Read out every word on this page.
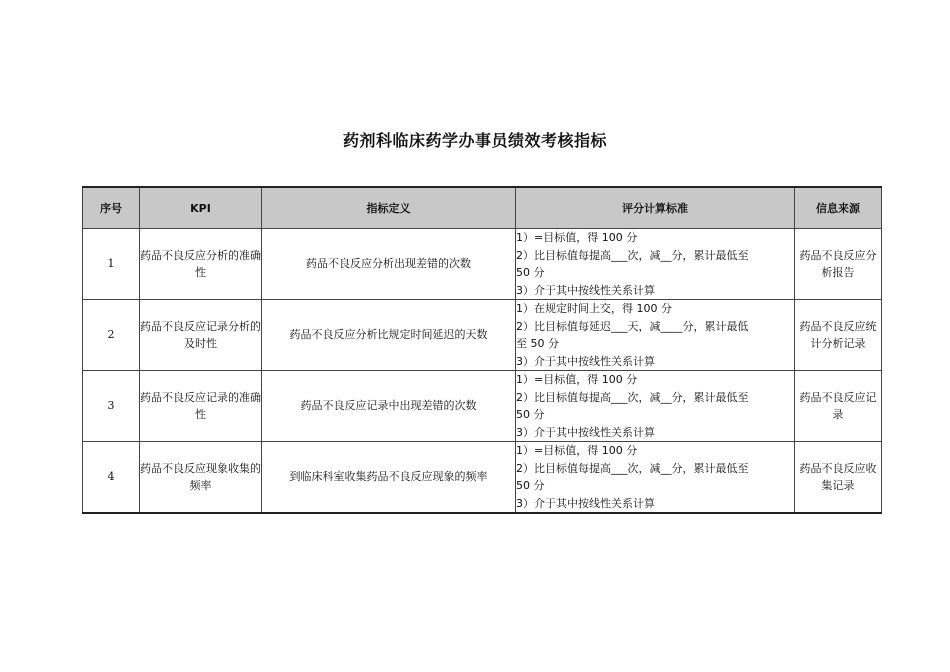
药剂科临床药学办事员绩效考核指标
序号	KPI	指标定义	评分计算标准	信息来源
1	药品不良反应分析的准确性	药品不良反应分析出现差错的次数	1）=目标值，得 100 分
2）比目标值每提高___次，减__分，累计最低至
50 分
3）介于其中按线性关系计算	药品不良反应分析报告
2	药品不良反应记录分析的及时性	药品不良反应分析比规定时间延迟的天数	1）在规定时间上交，得 100 分
2）比目标值每延迟___天，减____分，累计最低
至 50 分
3）介于其中按线性关系计算	药品不良反应统计分析记录
3	药品不良反应记录的准确性	药品不良反应记录中出现差错的次数	1）=目标值，得 100 分
2）比目标值每提高___次，减__分，累计最低至
50 分
3）介于其中按线性关系计算	药品不良反应记录
4	药品不良反应现象收集的频率	到临床科室收集药品不良反应现象的频率	1）=目标值，得 100 分
2）比目标值每提高___次，减__分，累计最低至
50 分
3）介于其中按线性关系计算	药品不良反应收集记录
